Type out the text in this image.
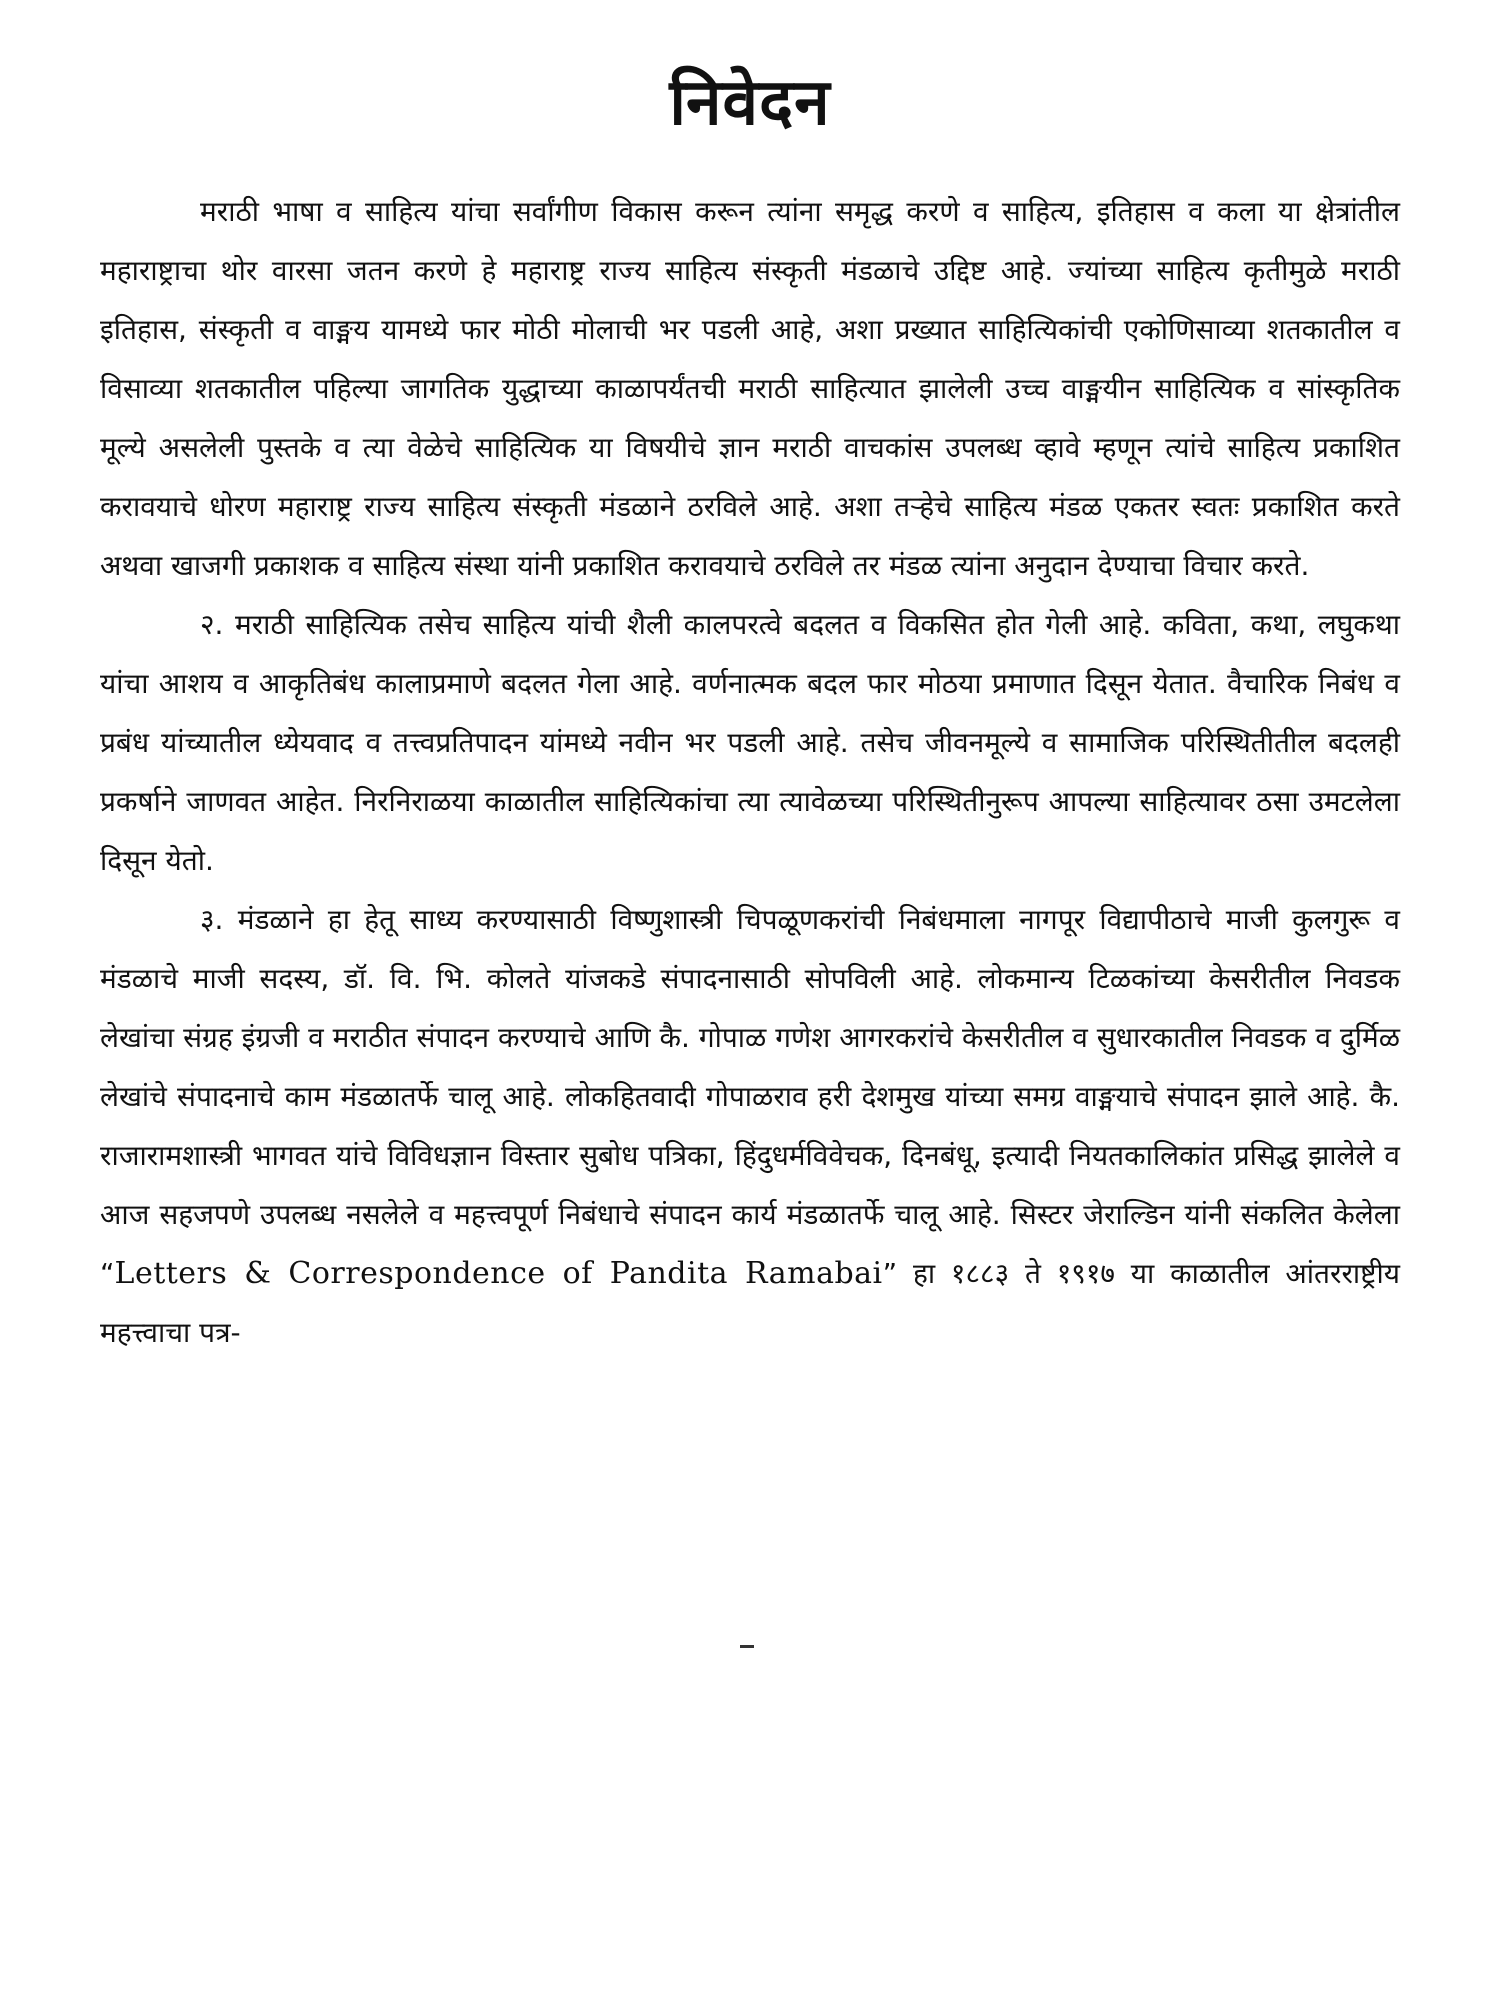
निवेदन

मराठी भाषा व साहित्य यांचा सर्वांगीण विकास करून त्यांना समृद्ध करणे व साहित्य, इतिहास व कला या क्षेत्रांतील महाराष्ट्राचा थोर वारसा जतन करणे हे महाराष्ट्र राज्य साहित्य संस्कृती मंडळाचे उद्दिष्ट आहे. ज्यांच्या साहित्य कृतीमुळे मराठी इतिहास, संस्कृती व वाङ्मय यामध्ये फार मोठी मोलाची भर पडली आहे, अशा प्रख्यात साहित्यिकांची एकोणिसाव्या शतकातील व विसाव्या शतकातील पहिल्या जागतिक युद्धाच्या काळापर्यंतची मराठी साहित्यात झालेली उच्च वाङ्मयीन साहित्यिक व सांस्कृतिक मूल्ये असलेली पुस्तके व त्या वेळेचे साहित्यिक या विषयीचे ज्ञान मराठी वाचकांस उपलब्ध व्हावे म्हणून त्यांचे साहित्य प्रकाशित करावयाचे धोरण महाराष्ट्र राज्य साहित्य संस्कृती मंडळाने ठरविले आहे. अशा तऱ्हेचे साहित्य मंडळ एकतर स्वतः प्रकाशित करते अथवा खाजगी प्रकाशक व साहित्य संस्था यांनी प्रकाशित करावयाचे ठरविले तर मंडळ त्यांना अनुदान देण्याचा विचार करते.

२. मराठी साहित्यिक तसेच साहित्य यांची शैली कालपरत्वे बदलत व विकसित होत गेली आहे. कविता, कथा, लघुकथा यांचा आशय व आकृतिबंध कालाप्रमाणे बदलत गेला आहे. वर्णनात्मक बदल फार मोठया प्रमाणात दिसून येतात. वैचारिक निबंध व प्रबंध यांच्यातील ध्येयवाद व तत्त्वप्रतिपादन यांमध्ये नवीन भर पडली आहे. तसेच जीवनमूल्ये व सामाजिक परिस्थितीतील बदलही प्रकर्षाने जाणवत आहेत. निरनिराळया काळातील साहित्यिकांचा त्या त्यावेळच्या परिस्थितीनुरूप आपल्या साहित्यावर ठसा उमटलेला दिसून येतो.

३. मंडळाने हा हेतू साध्य करण्यासाठी विष्णुशास्त्री चिपळूणकरांची निबंधमाला नागपूर विद्यापीठाचे माजी कुलगुरू व मंडळाचे माजी सदस्य, डॉ. वि. भि. कोलते यांजकडे संपादनासाठी सोपविली आहे. लोकमान्य टिळकांच्या केसरीतील निवडक लेखांचा संग्रह इंग्रजी व मराठीत संपादन करण्याचे आणि कै. गोपाळ गणेश आगरकरांचे केसरीतील व सुधारकातील निवडक व दुर्मिळ लेखांचे संपादनाचे काम मंडळातर्फे चालू आहे. लोकहितवादी गोपाळराव हरी देशमुख यांच्या समग्र वाङ्मयाचे संपादन झाले आहे. कै. राजारामशास्त्री भागवत यांचे विविधज्ञान विस्तार सुबोध पत्रिका, हिंदुधर्मविवेचक, दिनबंधू, इत्यादी नियतकालिकांत प्रसिद्ध झालेले व आज सहजपणे उपलब्ध नसलेले व महत्त्वपूर्ण निबंधाचे संपादन कार्य मंडळातर्फे चालू आहे. सिस्टर जेराल्डिन यांनी संकलित केलेला “Letters & Correspondence of Pandita Ramabai” हा १८८३ ते १९१७ या काळातील आंतरराष्ट्रीय महत्त्वाचा पत्र-
